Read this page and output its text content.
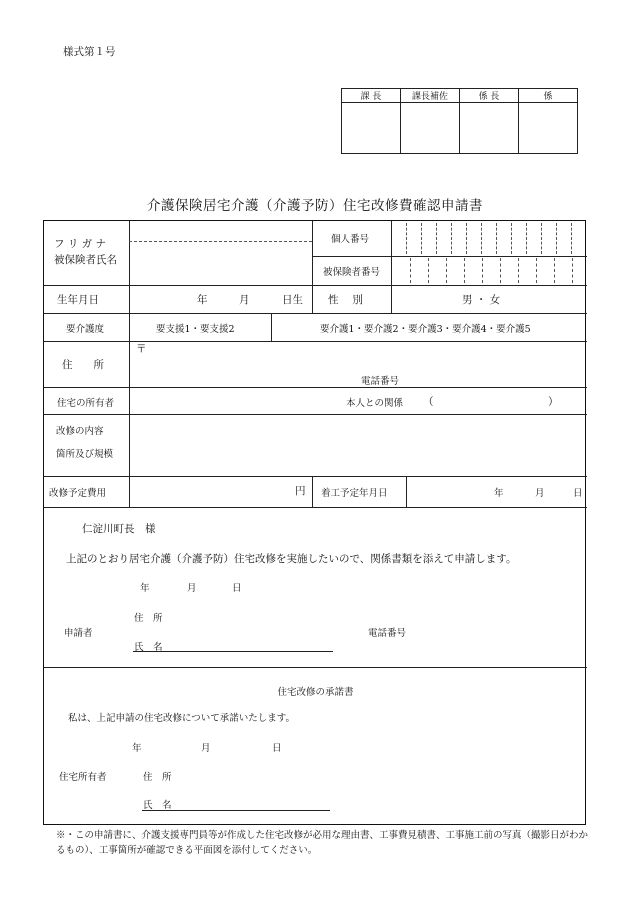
様式第１号
課 長	課長補佐	係 長	係

介護保険居宅介護（介護予防）住宅改修費確認申請書
フ リ ガ ナ
被保険者氏名
個人番号
被保険者番号
生年月日	年	月	日生 性　 別	男 ・ 女
要介護度	要支援1・要支援2	要介護1・要介護2・要介護3・要介護4・要介護5
住　　所
〒
電話番号
住宅の所有者	本人との関係 （	）
改修の内容
箇所及び規模
改修予定費用	円 着工予定年月日	年	月	日
仁淀川町長　様
上記のとおり居宅介護（介護予防）住宅改修を実施したいので、関係書類を添えて申請します。
年	月	日
住　所
申請者	電話番号
氏　名
住宅改修の承諾書
私は、上記申請の住宅改修について承諾いたします。
年	月	日
住宅所有者	住　所
氏　名
※・この申請書に、介護支援専門員等が作成した住宅改修が必用な理由書、工事費見積書、工事施工前の写真（撮影日がわかるもの）、工事箇所が確認できる平面図を添付してください。
